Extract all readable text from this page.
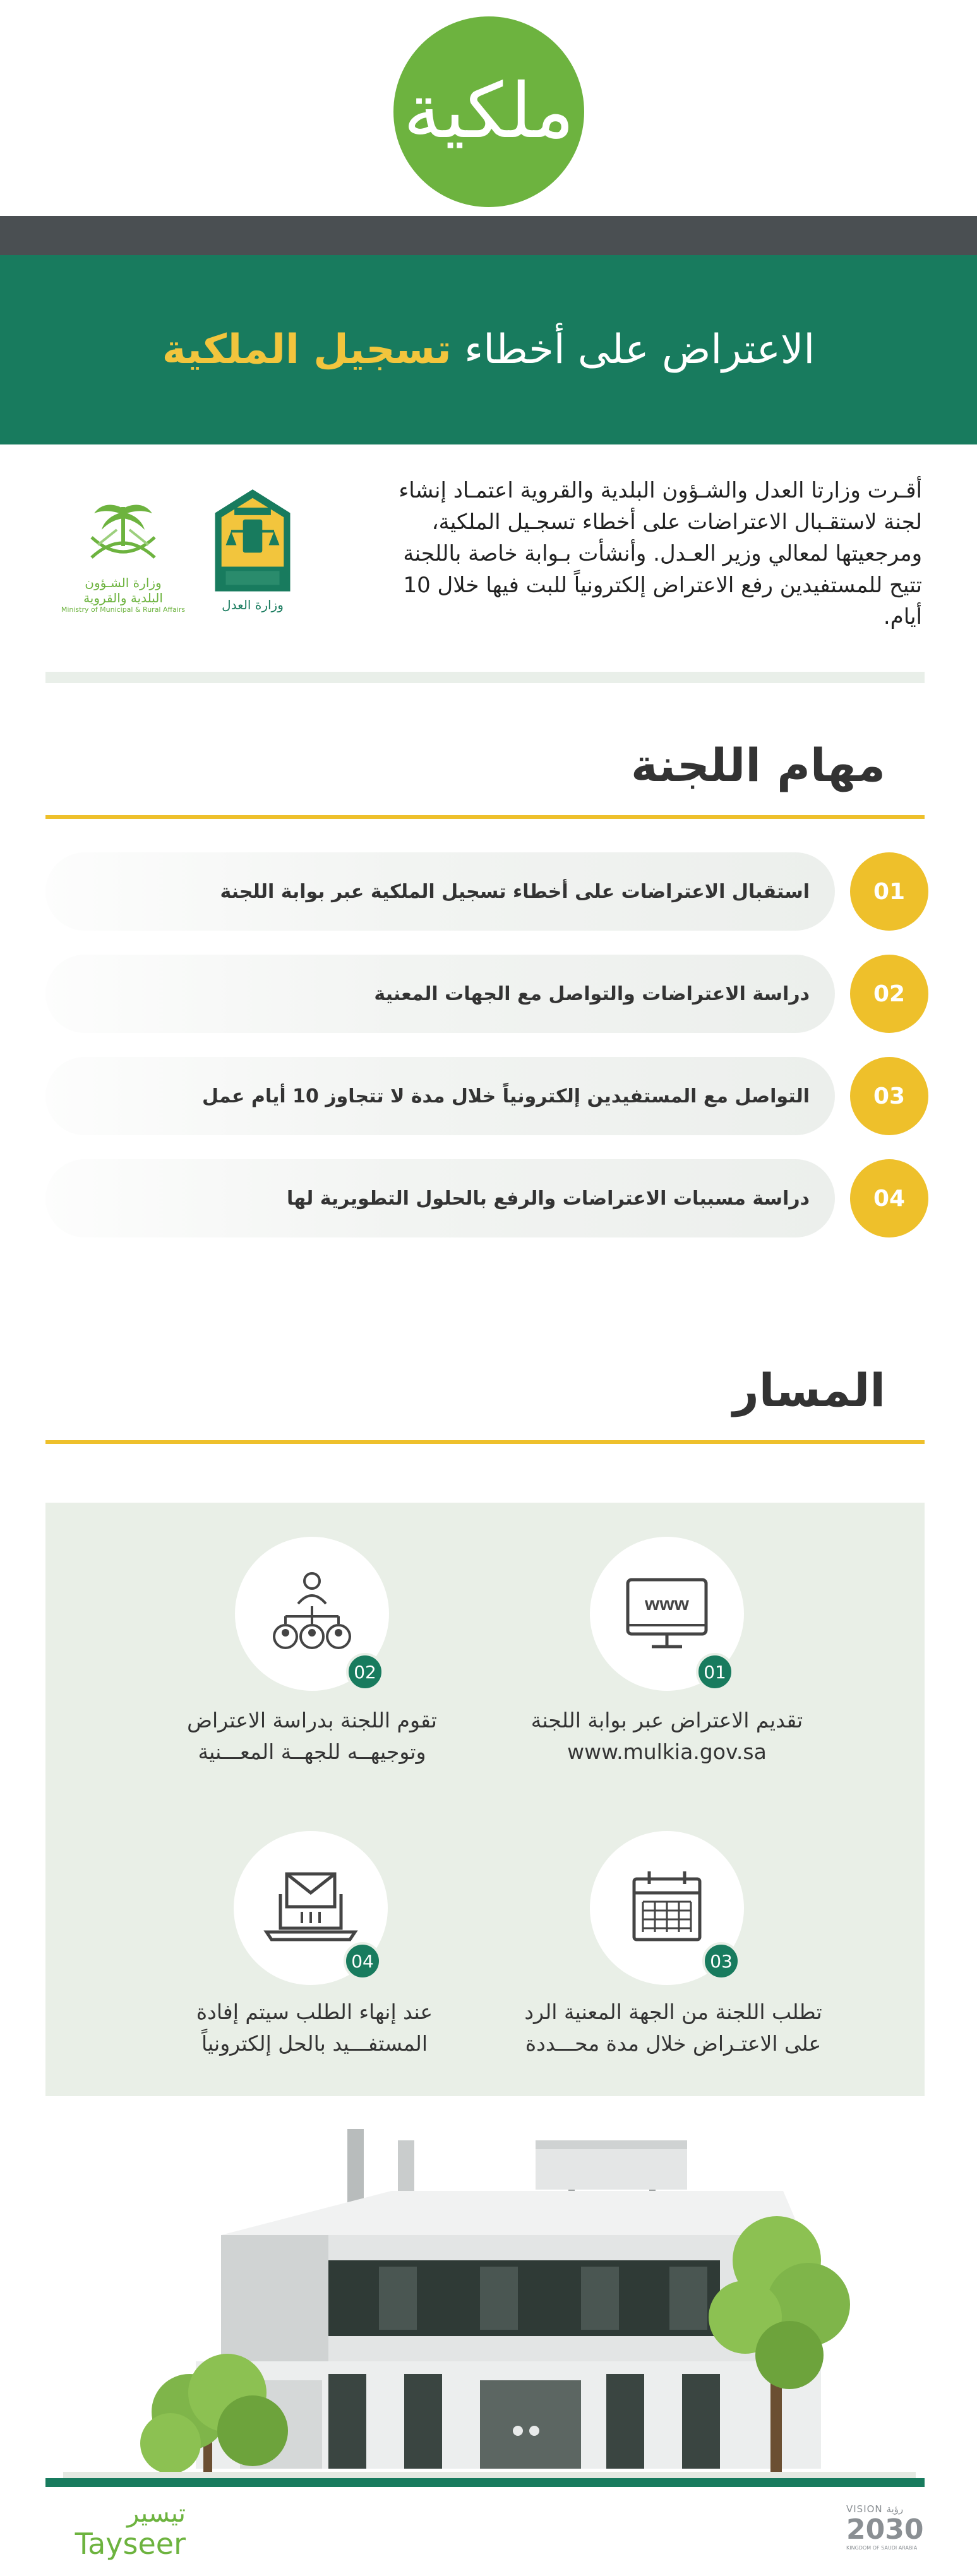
ملكية
الاعتراض على أخطاء تسجيل الملكية

أقـرت وزارتا العدل والشـؤون البلدية والقروية اعتمـاد إنشاء لجنة لاستقـبال الاعتراضات على أخطاء تسجـيل الملكية، ومرجعيتها لمعالي وزير العـدل. وأنشأت بـوابة خاصة باللجنة تتيح للمستفيدين رفع الاعتراض إلكترونياً للبت فيها خلال 10 أيام.

وزارة العدل
وزارة الشـؤون
البلدية والقروية
Ministry of Municipal & Rural Affairs
مهام اللجنة
استقبال الاعتراضات على أخطاء تسجيل الملكية عبر بوابة اللجنة	01
دراسة الاعتراضات والتواصل مع الجهات المعنية	02
التواصل مع المستفيدين إلكترونياً خلال مدة لا تتجاوز 10 أيام عمل	03
دراسة مسببات الاعتراضات والرفع بالحلول التطويرية لها	04
المسار
www
01
تقديم الاعتراض عبر بوابة اللجنة
www.mulkia.gov.sa
02
تقوم اللجنة بدراسة الاعتراض
وتوجيهــه للجهــة المعـــنية
03
تطلب اللجنة من الجهة المعنية الرد
على الاعتـراض خلال مدة محـــددة
04
عند إنهاء الطلب سيتم إفادة
المستفـــيد بالحل إلكترونياً
تيسير
Tayseer
VISION رؤية
2030
KINGDOM OF SAUDI ARABIA
